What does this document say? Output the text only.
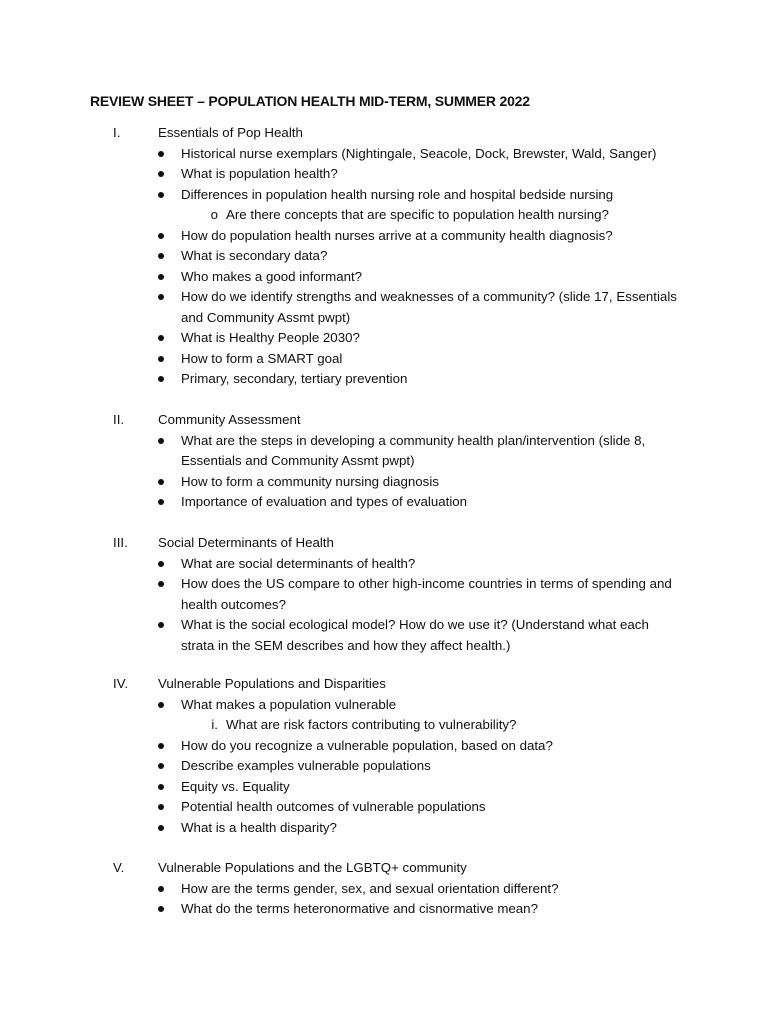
REVIEW SHEET – POPULATION HEALTH MID-TERM, SUMMER 2022
I.	Essentials of Pop Health
Historical nurse exemplars (Nightingale, Seacole, Dock, Brewster, Wald, Sanger)
What is population health?
Differences in population health nursing role and hospital bedside nursing
o Are there concepts that are specific to population health nursing?
How do population health nurses arrive at a community health diagnosis?
What is secondary data?
Who makes a good informant?
How do we identify strengths and weaknesses of a community? (slide 17, Essentials and Community Assmt pwpt)
What is Healthy People 2030?
How to form a SMART goal
Primary, secondary, tertiary prevention
II.	Community Assessment
What are the steps in developing a community health plan/intervention (slide 8, Essentials and Community Assmt pwpt)
How to form a community nursing diagnosis
Importance of evaluation and types of evaluation
III. Social Determinants of Health
What are social determinants of health?
How does the US compare to other high-income countries in terms of spending and health outcomes?
What is the social ecological model? How do we use it? (Understand what each strata in the SEM describes and how they affect health.)
IV. Vulnerable Populations and Disparities
What makes a population vulnerable
i. What are risk factors contributing to vulnerability?
How do you recognize a vulnerable population, based on data?
Describe examples vulnerable populations
Equity vs. Equality
Potential health outcomes of vulnerable populations
What is a health disparity?
V.	Vulnerable Populations and the LGBTQ+ community
How are the terms gender, sex, and sexual orientation different?
What do the terms heteronormative and cisnormative mean?
